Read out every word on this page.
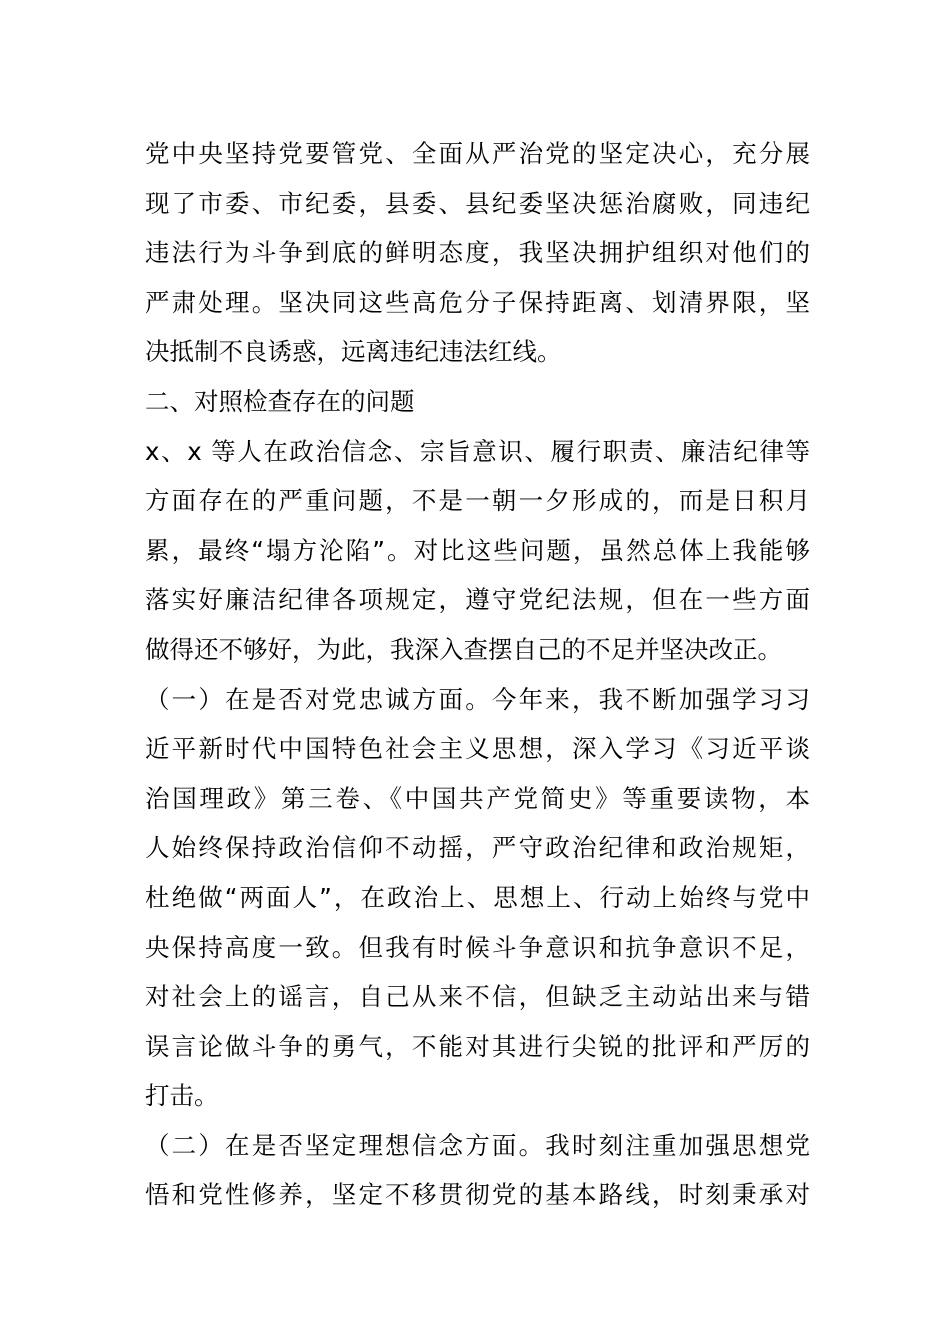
党中央坚持党要管党、全面从严治党的坚定决心，充分展
现了市委、市纪委，县委、县纪委坚决惩治腐败，同违纪
违法行为斗争到底的鲜明态度，我坚决拥护组织对他们的
严肃处理。坚决同这些高危分子保持距离、划清界限，坚
决抵制不良诱惑，远离违纪违法红线。
二、对照检查存在的问题
x、x 等人在政治信念、宗旨意识、履行职责、廉洁纪律等
方面存在的严重问题，不是一朝一夕形成的，而是日积月
累，最终“塌方沦陷”。对比这些问题，虽然总体上我能够
落实好廉洁纪律各项规定，遵守党纪法规，但在一些方面
做得还不够好，为此，我深入查摆自己的不足并坚决改正。
（一）在是否对党忠诚方面。今年来，我不断加强学习习
近平新时代中国特色社会主义思想，深入学习《习近平谈
治国理政》第三卷、《中国共产党简史》等重要读物，本
人始终保持政治信仰不动摇，严守政治纪律和政治规矩，
杜绝做“两面人”，在政治上、思想上、行动上始终与党中
央保持高度一致。但我有时候斗争意识和抗争意识不足，
对社会上的谣言，自己从来不信，但缺乏主动站出来与错
误言论做斗争的勇气，不能对其进行尖锐的批评和严厉的
打击。
（二）在是否坚定理想信念方面。我时刻注重加强思想党
悟和党性修养，坚定不移贯彻党的基本路线，时刻秉承对
